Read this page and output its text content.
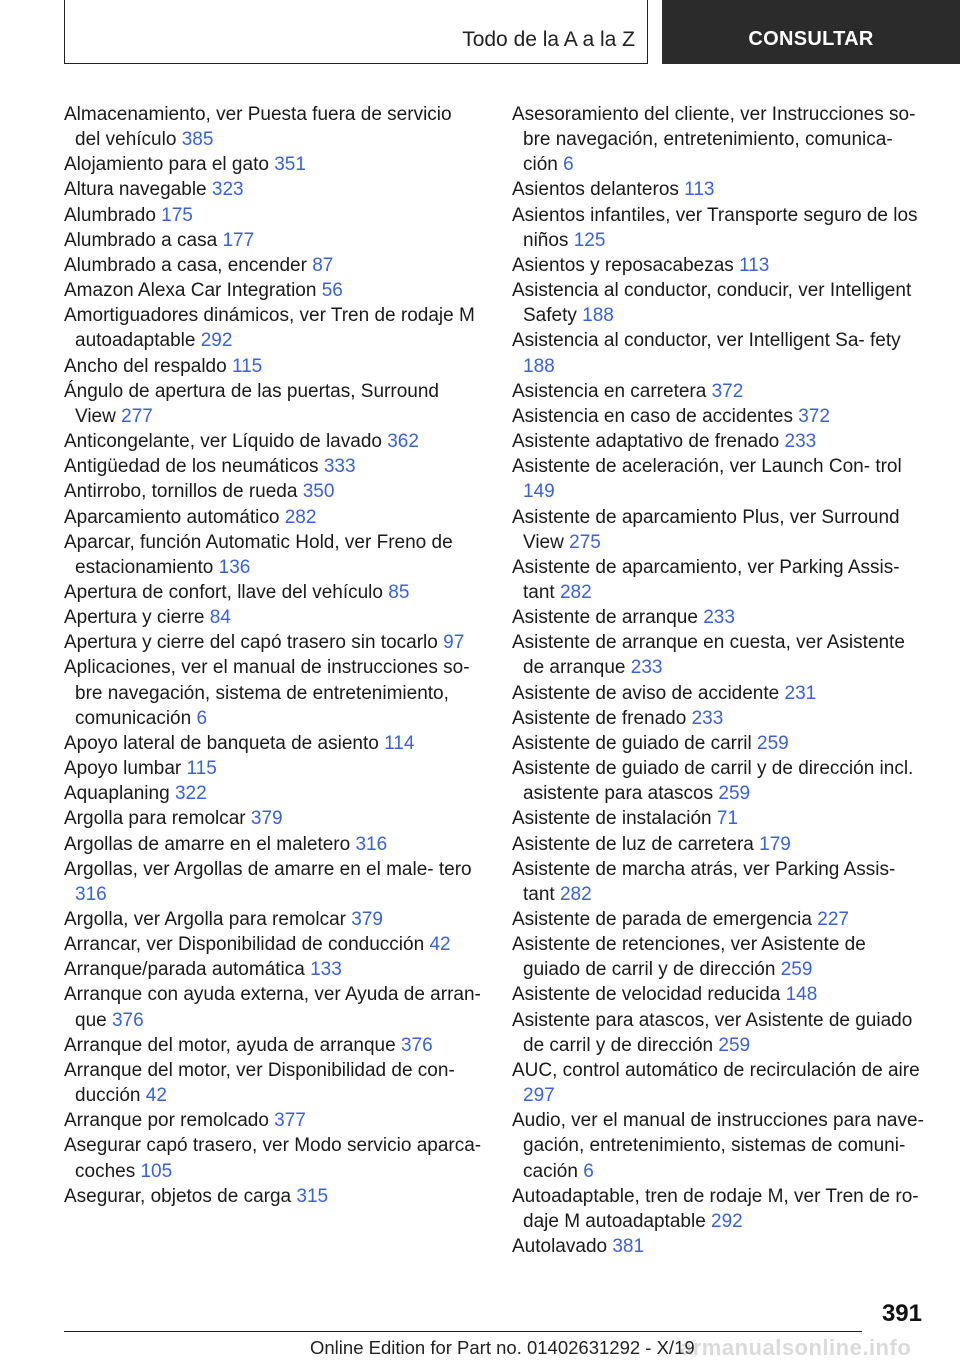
Todo de la A a la Z	CONSULTAR
Almacenamiento, ver Puesta fuera de servicio del vehículo 385
Alojamiento para el gato 351
Altura navegable 323
Alumbrado 175
Alumbrado a casa 177
Alumbrado a casa, encender 87
Amazon Alexa Car Integration 56
Amortiguadores dinámicos, ver Tren de rodaje M autoadaptable 292
Ancho del respaldo 115
Ángulo de apertura de las puertas, Surround View 277
Anticongelante, ver Líquido de lavado 362
Antigüedad de los neumáticos 333
Antirrobo, tornillos de rueda 350
Aparcamiento automático 282
Aparcar, función Automatic Hold, ver Freno de estacionamiento 136
Apertura de confort, llave del vehículo 85
Apertura y cierre 84
Apertura y cierre del capó trasero sin tocarlo 97
Aplicaciones, ver el manual de instrucciones so- bre navegación, sistema de entretenimiento, comunicación 6
Apoyo lateral de banqueta de asiento 114
Apoyo lumbar 115
Aquaplaning 322
Argolla para remolcar 379
Argollas de amarre en el maletero 316
Argollas, ver Argollas de amarre en el male- tero 316
Argolla, ver Argolla para remolcar 379
Arrancar, ver Disponibilidad de conducción 42
Arranque/parada automática 133
Arranque con ayuda externa, ver Ayuda de arran- que 376
Arranque del motor, ayuda de arranque 376
Arranque del motor, ver Disponibilidad de con- ducción 42
Arranque por remolcado 377
Asegurar capó trasero, ver Modo servicio aparca- coches 105
Asegurar, objetos de carga 315
Asesoramiento del cliente, ver Instrucciones so- bre navegación, entretenimiento, comunica- ción 6
Asientos delanteros 113
Asientos infantiles, ver Transporte seguro de los niños 125
Asientos y reposacabezas 113
Asistencia al conductor, conducir, ver Intelligent Safety 188
Asistencia al conductor, ver Intelligent Sa- fety 188
Asistencia en carretera 372
Asistencia en caso de accidentes 372
Asistente adaptativo de frenado 233
Asistente de aceleración, ver Launch Con- trol 149
Asistente de aparcamiento Plus, ver Surround View 275
Asistente de aparcamiento, ver Parking Assis- tant 282
Asistente de arranque 233
Asistente de arranque en cuesta, ver Asistente de arranque 233
Asistente de aviso de accidente 231
Asistente de frenado 233
Asistente de guiado de carril 259
Asistente de guiado de carril y de dirección incl. asistente para atascos 259
Asistente de instalación 71
Asistente de luz de carretera 179
Asistente de marcha atrás, ver Parking Assis- tant 282
Asistente de parada de emergencia 227
Asistente de retenciones, ver Asistente de guiado de carril y de dirección 259
Asistente de velocidad reducida 148
Asistente para atascos, ver Asistente de guiado de carril y de dirección 259
AUC, control automático de recirculación de aire 297
Audio, ver el manual de instrucciones para nave- gación, entretenimiento, sistemas de comuni- cación 6
Autoadaptable, tren de rodaje M, ver Tren de ro- daje M autoadaptable 292
Autolavado 381
391
Online Edition for Part no. 01402631292 - X/19
armanualsonline.info
